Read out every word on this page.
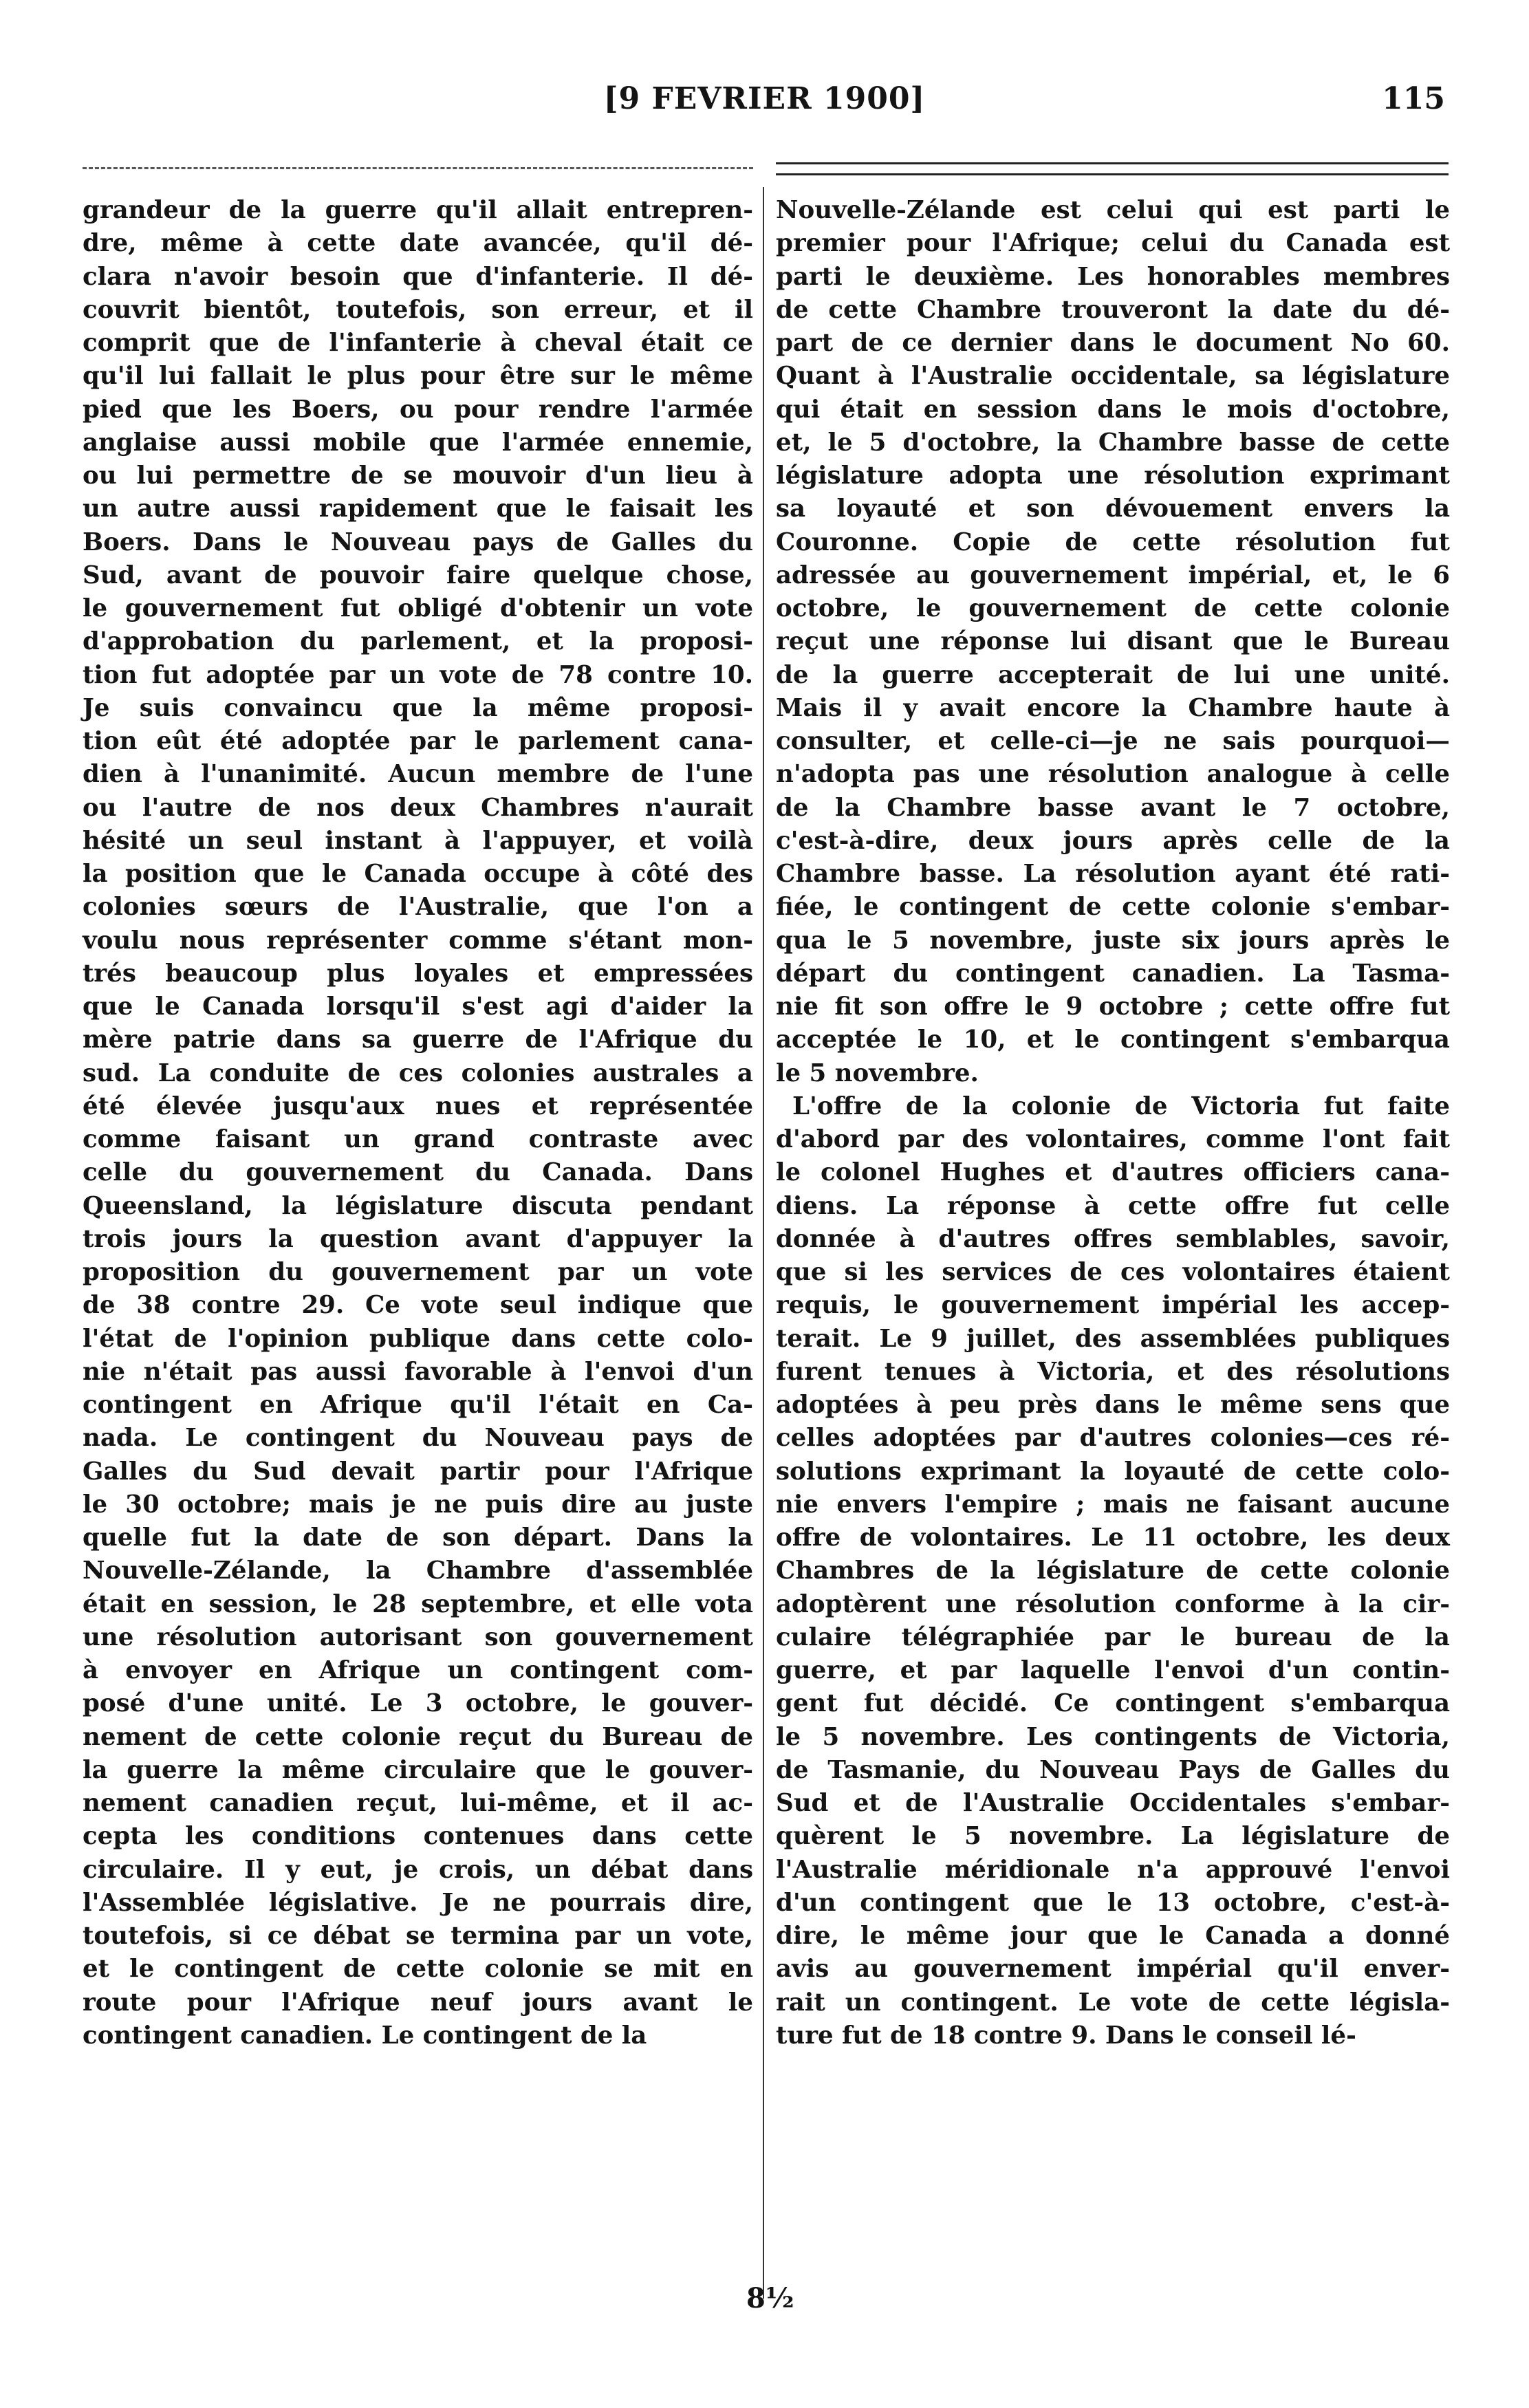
[9 FEVRIER 1900]	115
grandeur de la guerre qu'il allait entrepren-
dre, même à cette date avancée, qu'il dé-
clara n'avoir besoin que d'infanterie. Il dé-
couvrit bientôt, toutefois, son erreur, et il
comprit que de l'infanterie à cheval était ce
qu'il lui fallait le plus pour être sur le même
pied que les Boers, ou pour rendre l'armée
anglaise aussi mobile que l'armée ennemie,
ou lui permettre de se mouvoir d'un lieu à
un autre aussi rapidement que le faisait les
Boers. Dans le Nouveau pays de Galles du
Sud, avant de pouvoir faire quelque chose,
le gouvernement fut obligé d'obtenir un vote
d'approbation du parlement, et la proposi-
tion fut adoptée par un vote de 78 contre 10.
Je suis convaincu que la même proposi-
tion eût été adoptée par le parlement cana-
dien à l'unanimité. Aucun membre de l'une
ou l'autre de nos deux Chambres n'aurait
hésité un seul instant à l'appuyer, et voilà
la position que le Canada occupe à côté des
colonies sœurs de l'Australie, que l'on a
voulu nous représenter comme s'étant mon-
trés beaucoup plus loyales et empressées
que le Canada lorsqu'il s'est agi d'aider la
mère patrie dans sa guerre de l'Afrique du
sud. La conduite de ces colonies australes a
été élevée jusqu'aux nues et représentée
comme faisant un grand contraste avec
celle du gouvernement du Canada. Dans
Queensland, la législature discuta pendant
trois jours la question avant d'appuyer la
proposition du gouvernement par un vote
de 38 contre 29. Ce vote seul indique que
l'état de l'opinion publique dans cette colo-
nie n'était pas aussi favorable à l'envoi d'un
contingent en Afrique qu'il l'était en Ca-
nada. Le contingent du Nouveau pays de
Galles du Sud devait partir pour l'Afrique
le 30 octobre; mais je ne puis dire au juste
quelle fut la date de son départ. Dans la
Nouvelle-Zélande, la Chambre d'assemblée
était en session, le 28 septembre, et elle vota
une résolution autorisant son gouvernement
à envoyer en Afrique un contingent com-
posé d'une unité. Le 3 octobre, le gouver-
nement de cette colonie reçut du Bureau de
la guerre la même circulaire que le gouver-
nement canadien reçut, lui-même, et il ac-
cepta les conditions contenues dans cette
circulaire. Il y eut, je crois, un débat dans
l'Assemblée législative. Je ne pourrais dire,
toutefois, si ce débat se termina par un vote,
et le contingent de cette colonie se mit en
route pour l'Afrique neuf jours avant le
contingent canadien. Le contingent de la
Nouvelle-Zélande est celui qui est parti le
premier pour l'Afrique; celui du Canada est
parti le deuxième. Les honorables membres
de cette Chambre trouveront la date du dé-
part de ce dernier dans le document No 60.
Quant à l'Australie occidentale, sa législature
qui était en session dans le mois d'octobre,
et, le 5 d'octobre, la Chambre basse de cette
législature adopta une résolution exprimant
sa loyauté et son dévouement envers la
Couronne. Copie de cette résolution fut
adressée au gouvernement impérial, et, le 6
octobre, le gouvernement de cette colonie
reçut une réponse lui disant que le Bureau
de la guerre accepterait de lui une unité.
Mais il y avait encore la Chambre haute à
consulter, et celle-ci—je ne sais pourquoi—
n'adopta pas une résolution analogue à celle
de la Chambre basse avant le 7 octobre,
c'est-à-dire, deux jours après celle de la
Chambre basse. La résolution ayant été rati-
fiée, le contingent de cette colonie s'embar-
qua le 5 novembre, juste six jours après le
départ du contingent canadien. La Tasma-
nie fit son offre le 9 octobre ; cette offre fut
acceptée le 10, et le contingent s'embarqua
le 5 novembre.
L'offre de la colonie de Victoria fut faite
d'abord par des volontaires, comme l'ont fait
le colonel Hughes et d'autres officiers cana-
diens. La réponse à cette offre fut celle
donnée à d'autres offres semblables, savoir,
que si les services de ces volontaires étaient
requis, le gouvernement impérial les accep-
terait. Le 9 juillet, des assemblées publiques
furent tenues à Victoria, et des résolutions
adoptées à peu près dans le même sens que
celles adoptées par d'autres colonies—ces ré-
solutions exprimant la loyauté de cette colo-
nie envers l'empire ; mais ne faisant aucune
offre de volontaires. Le 11 octobre, les deux
Chambres de la législature de cette colonie
adoptèrent une résolution conforme à la cir-
culaire télégraphiée par le bureau de la
guerre, et par laquelle l'envoi d'un contin-
gent fut décidé. Ce contingent s'embarqua
le 5 novembre. Les contingents de Victoria,
de Tasmanie, du Nouveau Pays de Galles du
Sud et de l'Australie Occidentales s'embar-
quèrent le 5 novembre. La législature de
l'Australie méridionale n'a approuvé l'envoi
d'un contingent que le 13 octobre, c'est-à-
dire, le même jour que le Canada a donné
avis au gouvernement impérial qu'il enver-
rait un contingent. Le vote de cette législa-
ture fut de 18 contre 9. Dans le conseil lé-
8½
